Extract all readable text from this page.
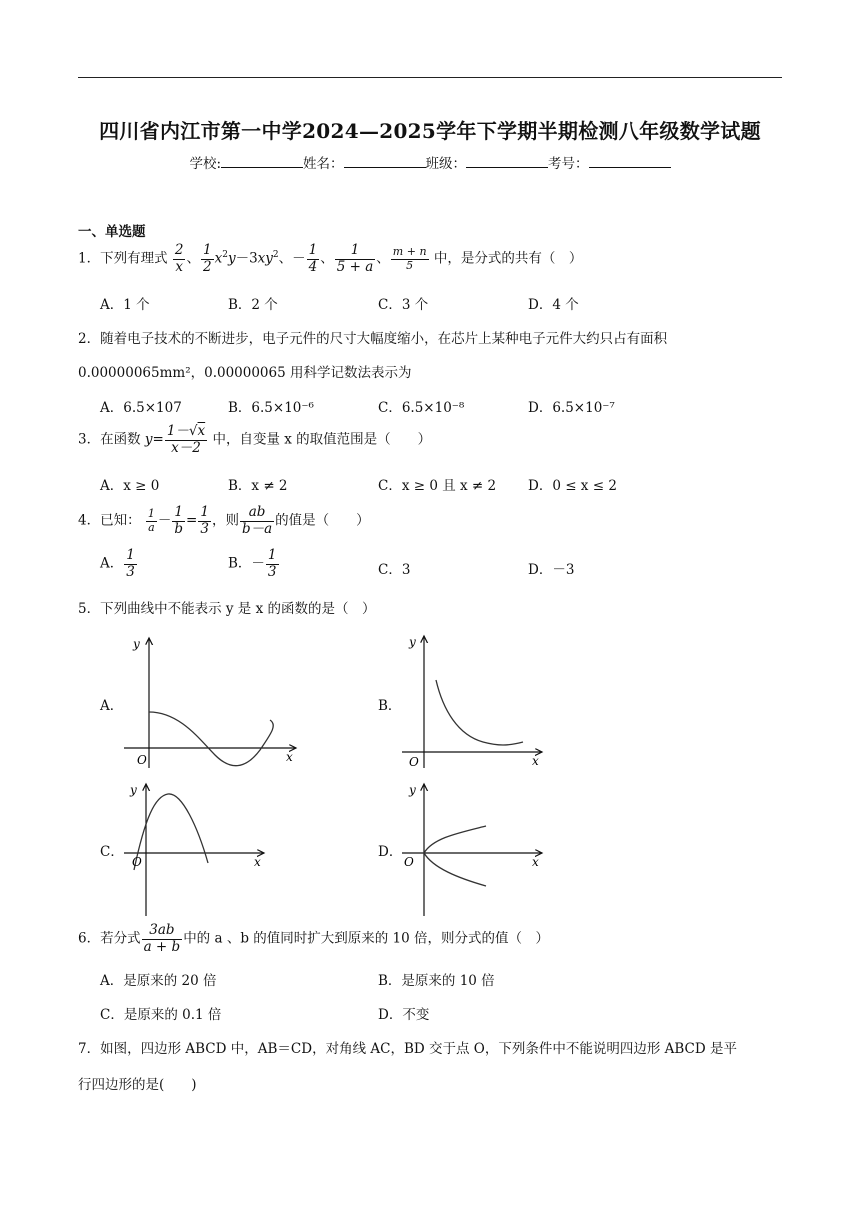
四川省内江市第一中学2024—2025学年下学期半期检测八年级数学试题
学校:	姓名：	班级：	考号：
一、单选题
1．下列有理式 $\frac{2}{x}$ 、 $\frac{1}{2} x^2y-3xy^2$、－ $\frac{1}{4}$ 、 $\frac{1}{5 + a}$ 、 $\frac{m + n}{5}$ 中，是分式的共有（　）
A．1 个	B．2 个	C．3 个	D．4 个
2．随着电子技术的不断进步，电子元件的尺寸大幅度缩小，在芯片上某种电子元件大约只占有面积
0.00000065mm²，0.00000065 用科学记数法表示为
A．6.5×107	B．6.5×10⁻⁶	C．6.5×10⁻⁸	D．6.5×10⁻⁷
3．在函数 $y= \frac{1-√x}{x-2}$ 中，自变量 x 的取值范围是（　　）
A．x ≥ 0	B．x ≠ 2	C．x ≥ 0 且 x ≠ 2 D．0 ≤ x ≤ 2
4．已知： $\frac{1}{a} - \frac{1}{b} = \frac{1}{3}$ ，则 $\frac{ab}{b-a}$ 的值是（　　）
A． $\frac{1}{3}$	B．－ $\frac{1}{3}$	C．3	D．－3
5．下列曲线中不能表示 y 是 x 的函数的是（　）
A．	B．
C．	D．
y
O	x
y
O	x
y
O	x
y
O	x
6．若分式 $\frac{3ab}{a + b}$ 中的 a 、b 的值同时扩大到原来的 10 倍，则分式的值（　）
A．是原来的 20 倍	B．是原来的 10 倍
C．是原来的 0.1 倍	D．不变
7．如图，四边形 ABCD 中，AB＝CD，对角线 AC，BD 交于点 O，下列条件中不能说明四边形 ABCD 是平
行四边形的是(　　)
